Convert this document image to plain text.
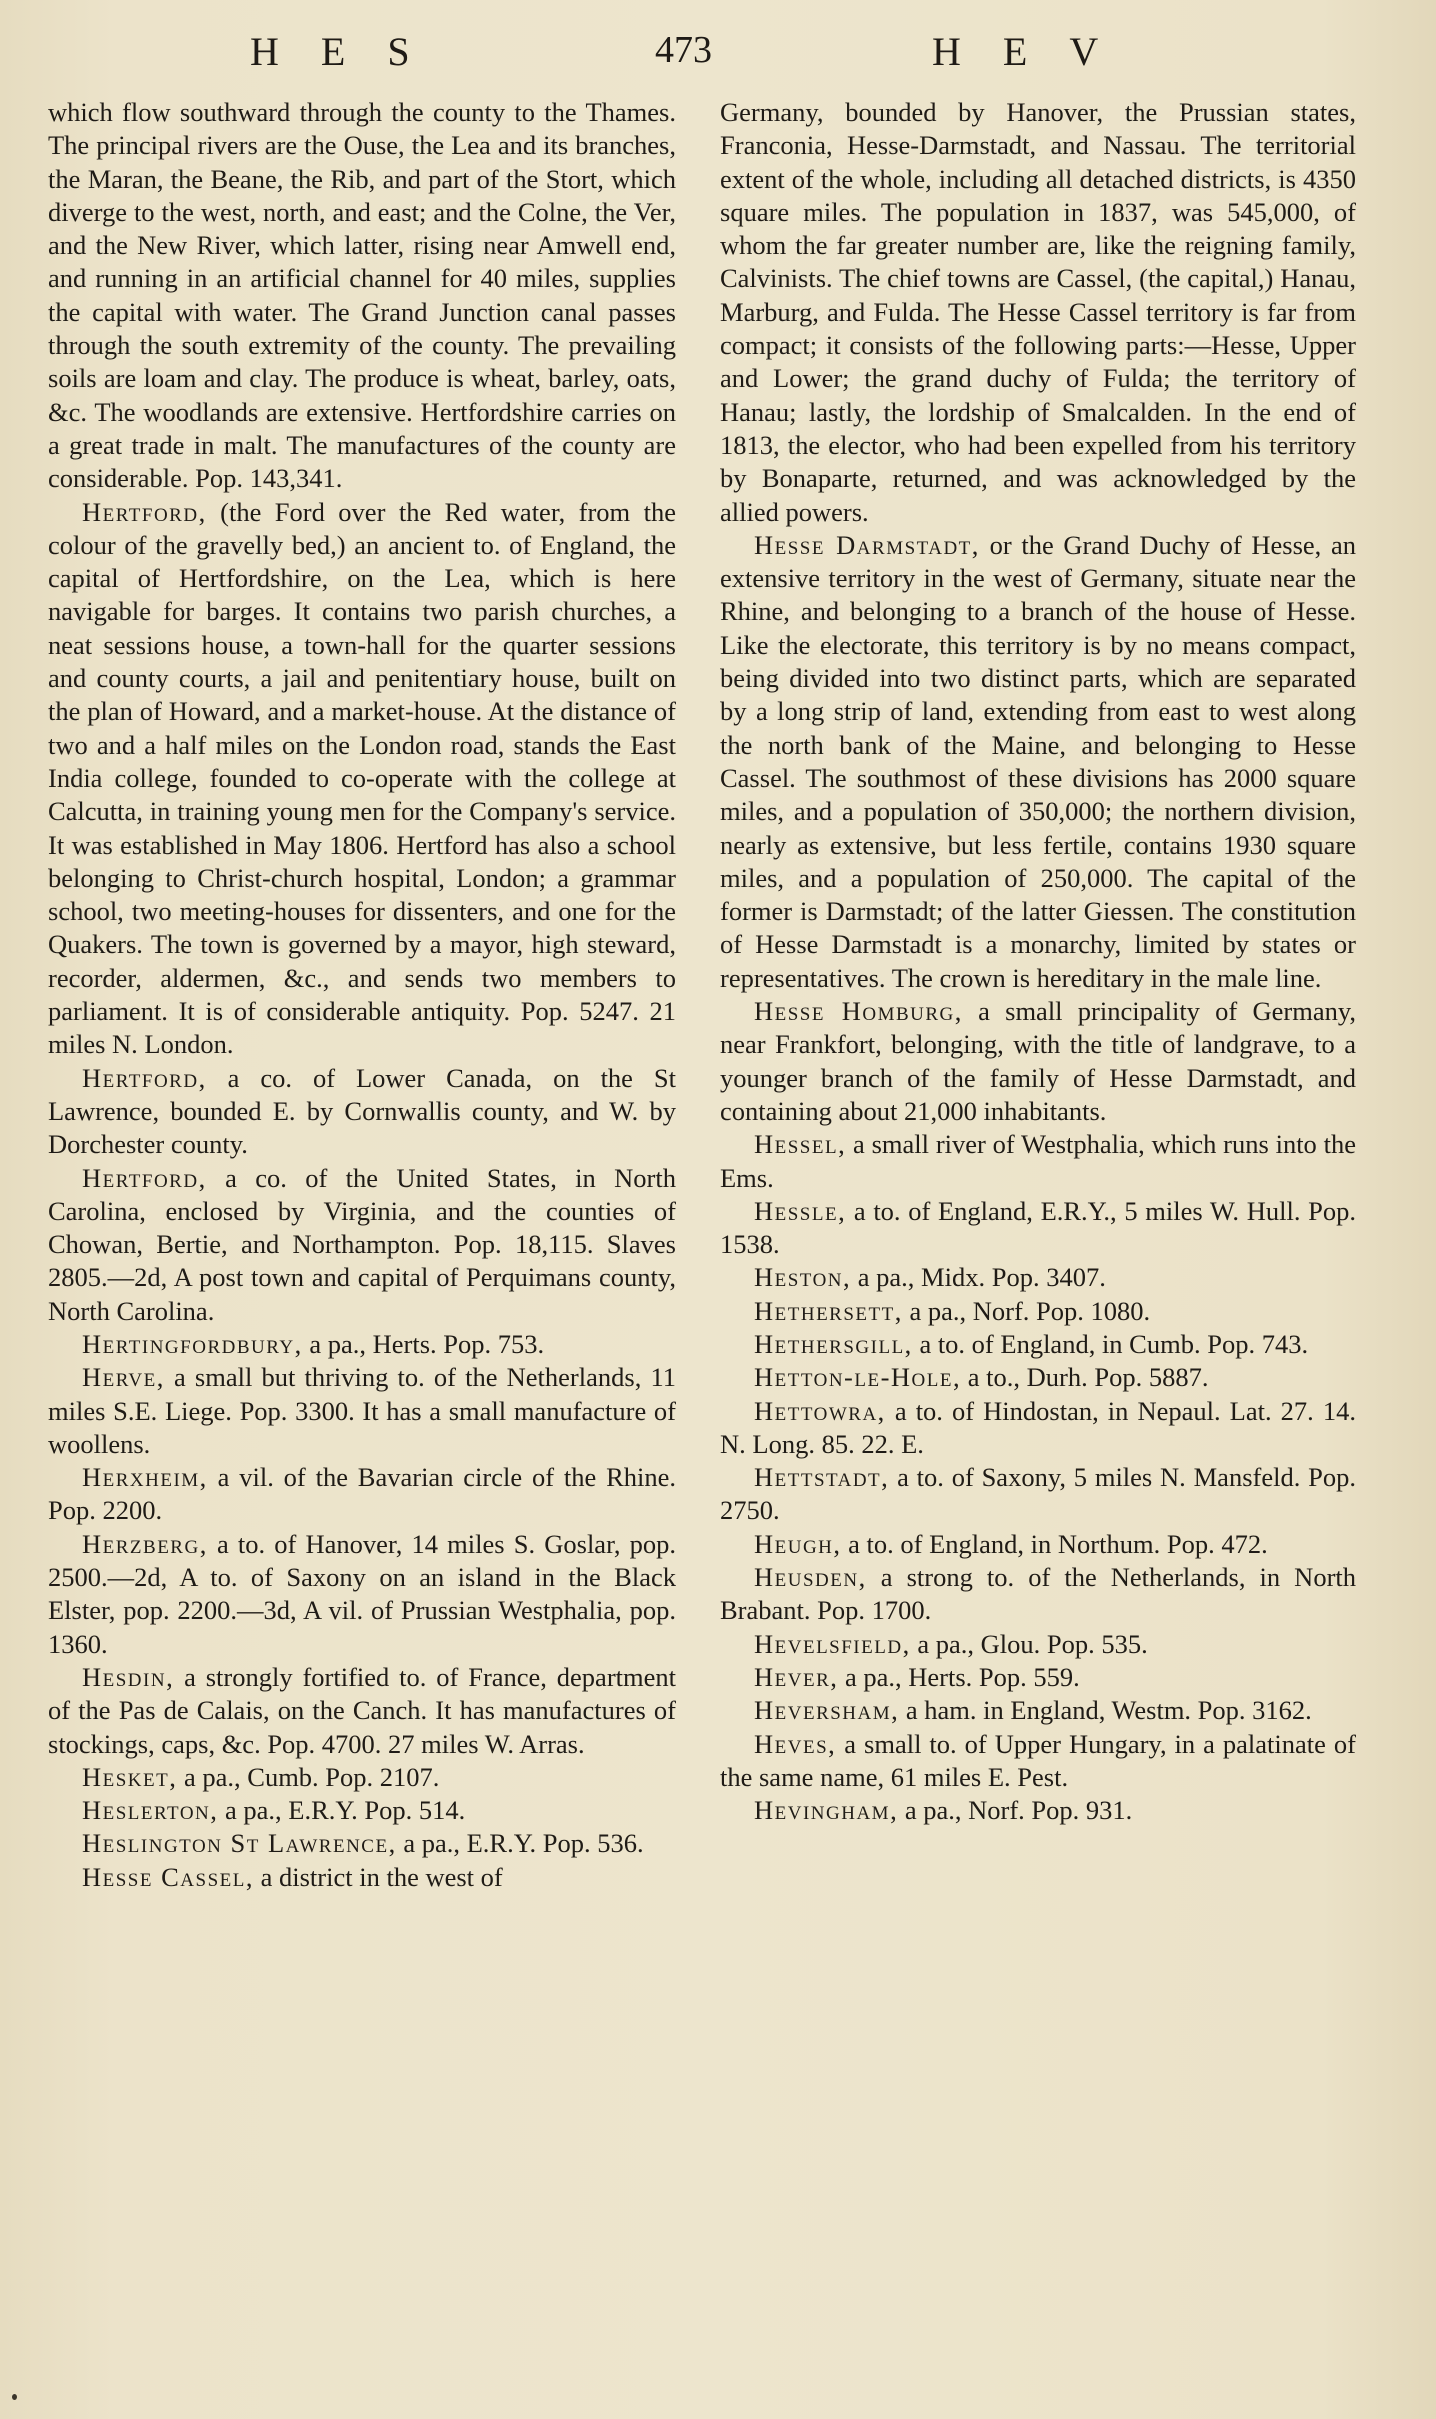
HES	473	HEV

which flow southward through the county to the Thames. The principal rivers are the Ouse, the Lea and its branches, the Maran, the Beane, the Rib, and part of the Stort, which diverge to the west, north, and east; and the Colne, the Ver, and the New River, which latter, rising near Amwell end, and running in an artificial channel for 40 miles, supplies the capital with water. The Grand Junction canal passes through the south extremity of the county. The prevailing soils are loam and clay. The produce is wheat, barley, oats, &c. The woodlands are extensive. Hertfordshire carries on a great trade in malt. The manufactures of the county are considerable. Pop. 143,341.

Hertford, (the Ford over the Red water, from the colour of the gravelly bed,) an ancient to. of England, the capital of Hertfordshire, on the Lea, which is here navigable for barges. It contains two parish churches, a neat sessions house, a town-hall for the quarter sessions and county courts, a jail and penitentiary house, built on the plan of Howard, and a market-house. At the distance of two and a half miles on the London road, stands the East India college, founded to co-operate with the college at Calcutta, in training young men for the Company's service. It was established in May 1806. Hertford has also a school belonging to Christ-church hospital, London; a grammar school, two meeting-houses for dissenters, and one for the Quakers. The town is governed by a mayor, high steward, recorder, aldermen, &c., and sends two members to parliament. It is of considerable antiquity. Pop. 5247. 21 miles N. London.

Hertford, a co. of Lower Canada, on the St Lawrence, bounded E. by Cornwallis county, and W. by Dorchester county.

Hertford, a co. of the United States, in North Carolina, enclosed by Virginia, and the counties of Chowan, Bertie, and Northampton. Pop. 18,115. Slaves 2805.—2d, A post town and capital of Perquimans county, North Carolina.

Hertingfordbury, a pa., Herts. Pop. 753.

Herve, a small but thriving to. of the Netherlands, 11 miles S.E. Liege. Pop. 3300. It has a small manufacture of woollens.

Herxheim, a vil. of the Bavarian circle of the Rhine. Pop. 2200.

Herzberg, a to. of Hanover, 14 miles S. Goslar, pop. 2500.—2d, A to. of Saxony on an island in the Black Elster, pop. 2200.—3d, A vil. of Prussian Westphalia, pop. 1360.

Hesdin, a strongly fortified to. of France, department of the Pas de Calais, on the Canch. It has manufactures of stockings, caps, &c. Pop. 4700. 27 miles W. Arras.

Hesket, a pa., Cumb. Pop. 2107.

Heslerton, a pa., E.R.Y. Pop. 514.

Heslington St Lawrence, a pa., E.R.Y. Pop. 536.

Hesse Cassel, a district in the west of

Germany, bounded by Hanover, the Prussian states, Franconia, Hesse-Darmstadt, and Nassau. The territorial extent of the whole, including all detached districts, is 4350 square miles. The population in 1837, was 545,000, of whom the far greater number are, like the reigning family, Calvinists. The chief towns are Cassel, (the capital,) Hanau, Marburg, and Fulda. The Hesse Cassel territory is far from compact; it consists of the following parts:—Hesse, Upper and Lower; the grand duchy of Fulda; the territory of Hanau; lastly, the lordship of Smalcalden. In the end of 1813, the elector, who had been expelled from his territory by Bonaparte, returned, and was acknowledged by the allied powers.

Hesse Darmstadt, or the Grand Duchy of Hesse, an extensive territory in the west of Germany, situate near the Rhine, and belonging to a branch of the house of Hesse. Like the electorate, this territory is by no means compact, being divided into two distinct parts, which are separated by a long strip of land, extending from east to west along the north bank of the Maine, and belonging to Hesse Cassel. The southmost of these divisions has 2000 square miles, and a population of 350,000; the northern division, nearly as extensive, but less fertile, contains 1930 square miles, and a population of 250,000. The capital of the former is Darmstadt; of the latter Giessen. The constitution of Hesse Darmstadt is a monarchy, limited by states or representatives. The crown is hereditary in the male line.

Hesse Homburg, a small principality of Germany, near Frankfort, belonging, with the title of landgrave, to a younger branch of the family of Hesse Darmstadt, and containing about 21,000 inhabitants.

Hessel, a small river of Westphalia, which runs into the Ems.

Hessle, a to. of England, E.R.Y., 5 miles W. Hull. Pop. 1538.

Heston, a pa., Midx. Pop. 3407.

Hethersett, a pa., Norf. Pop. 1080.

Hethersgill, a to. of England, in Cumb. Pop. 743.

Hetton-le-Hole, a to., Durh. Pop. 5887.

Hettowra, a to. of Hindostan, in Nepaul. Lat. 27. 14. N. Long. 85. 22. E.

Hettstadt, a to. of Saxony, 5 miles N. Mansfeld. Pop. 2750.

Heugh, a to. of England, in Northum. Pop. 472.

Heusden, a strong to. of the Netherlands, in North Brabant. Pop. 1700.

Hevelsfield, a pa., Glou. Pop. 535.

Hever, a pa., Herts. Pop. 559.

Heversham, a ham. in England, Westm. Pop. 3162.

Heves, a small to. of Upper Hungary, in a palatinate of the same name, 61 miles E. Pest.

Hevingham, a pa., Norf. Pop. 931.
